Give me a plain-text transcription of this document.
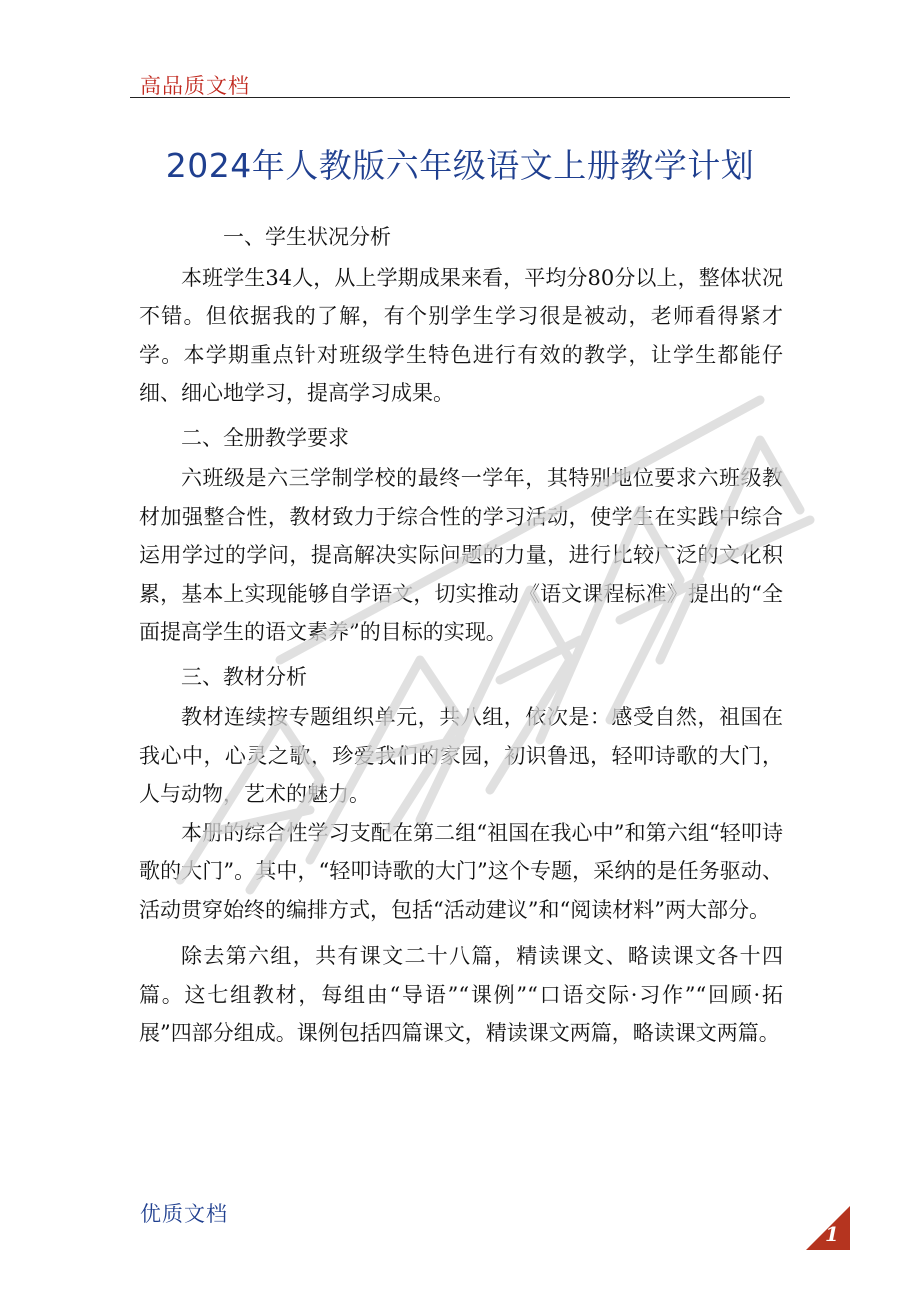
高品质文档
2024年人教版六年级语文上册教学计划

一、学生状况分析

本班学生34人，从上学期成果来看，平均分80分以上，整体状况不错。但依据我的了解，有个别学生学习很是被动，老师看得紧才学。本学期重点针对班级学生特色进行有效的教学，让学生都能仔细、细心地学习，提高学习成果。

二、全册教学要求

六班级是六三学制学校的最终一学年，其特别地位要求六班级教材加强整合性，教材致力于综合性的学习活动，使学生在实践中综合运用学过的学问，提高解决实际问题的力量，进行比较广泛的文化积累，基本上实现能够自学语文，切实推动《语文课程标准》提出的“全面提高学生的语文素养”的目标的实现。

三、教材分析

教材连续按专题组织单元，共八组，依次是：感受自然，祖国在我心中，心灵之歌，珍爱我们的家园，初识鲁迅，轻叩诗歌的大门，人与动物，艺术的魅力。

本册的综合性学习支配在第二组“祖国在我心中”和第六组“轻叩诗歌的大门”。其中，“轻叩诗歌的大门”这个专题，采纳的是任务驱动、活动贯穿始终的编排方式，包括“活动建议”和“阅读材料”两大部分。

除去第六组，共有课文二十八篇，精读课文、略读课文各十四篇。这七组教材，每组由“导语”“课例”“口语交际·习作”“回顾·拓展”四部分组成。课例包括四篇课文，精读课文两篇，略读课文两篇。

优质文档
1
